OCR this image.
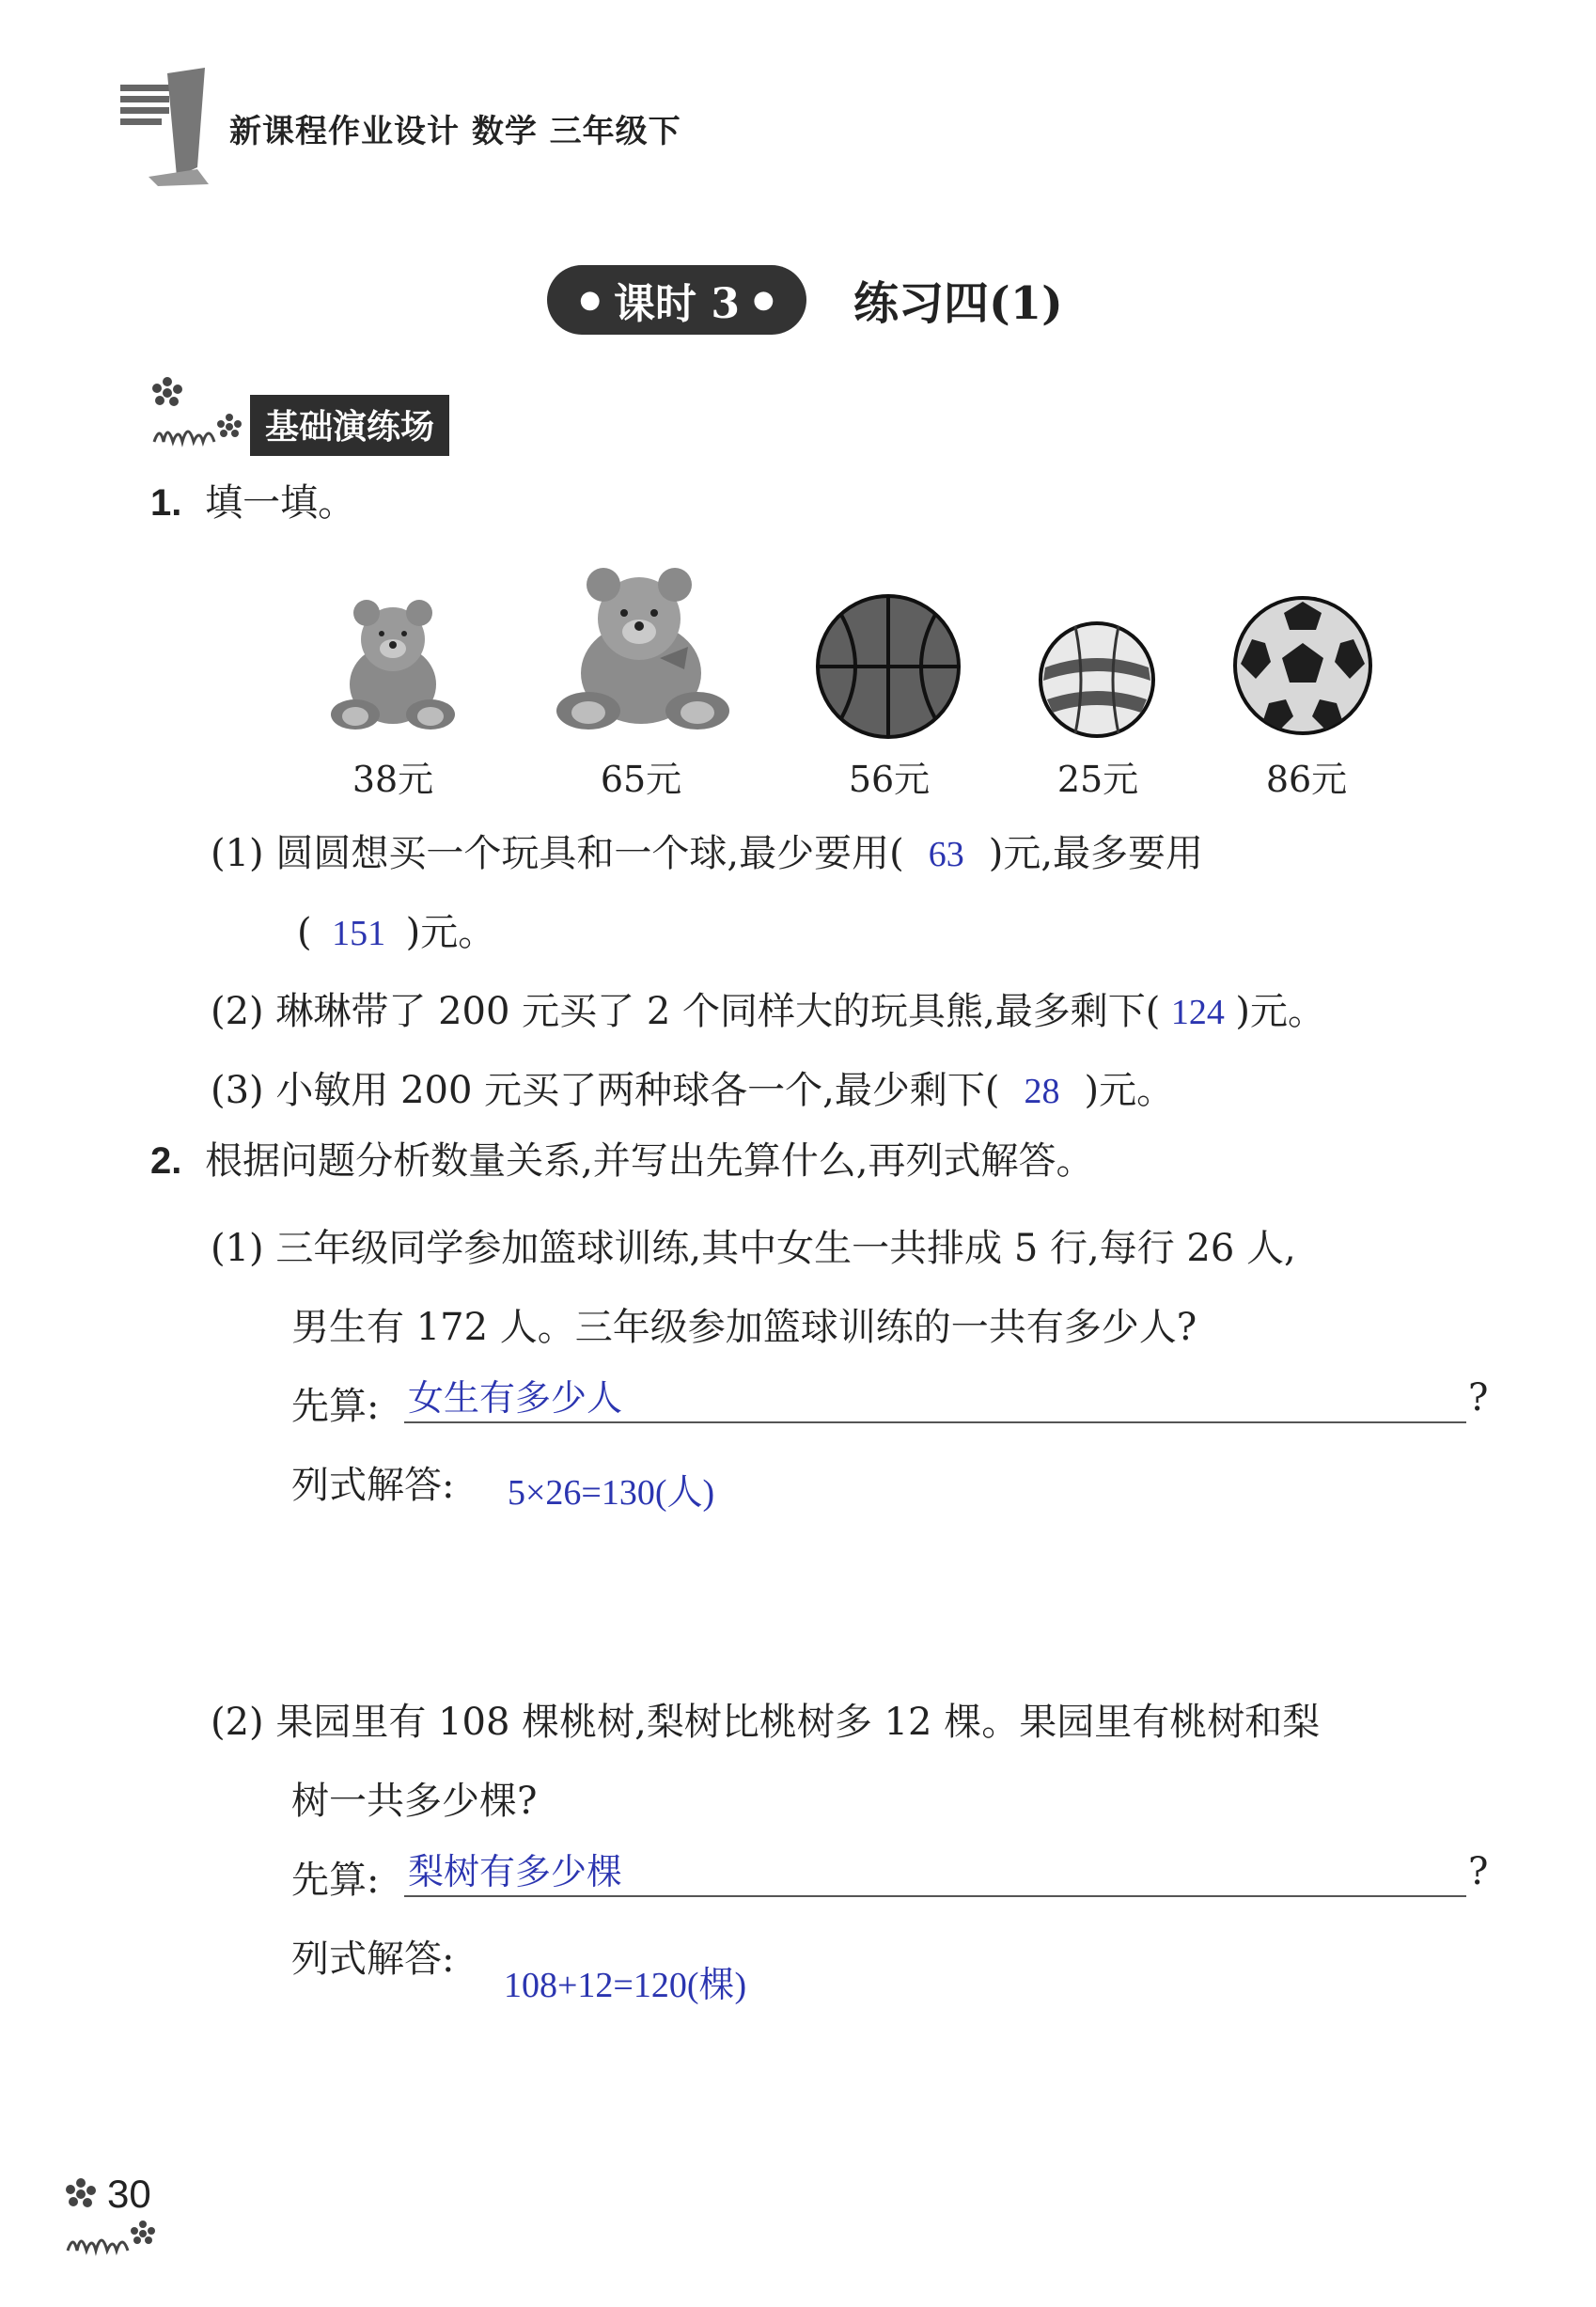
新课程作业设计 数学 三年级下
● 课时 3 ● 练习四(1)
基础演练场
1. 填一填。
38元	65元	56元	25元	86元
(1) 圆圆想买一个玩具和一个球,最少要用( 63 )元,最多要用
( 151 )元。
(2) 琳琳带了 200 元买了 2 个同样大的玩具熊,最多剩下( 124 )元。
(3) 小敏用 200 元买了两种球各一个,最少剩下( 28 )元。
2. 根据问题分析数量关系,并写出先算什么,再列式解答。
(1) 三年级同学参加篮球训练,其中女生一共排成 5 行,每行 26 人,
男生有 172 人。三年级参加篮球训练的一共有多少人?
先算: 女生有多少人	?
列式解答: 5×26=130(人)
(2) 果园里有 108 棵桃树,梨树比桃树多 12 棵。果园里有桃树和梨
树一共多少棵?
先算: 梨树有多少棵	?
列式解答:
108+12=120(棵)
30
